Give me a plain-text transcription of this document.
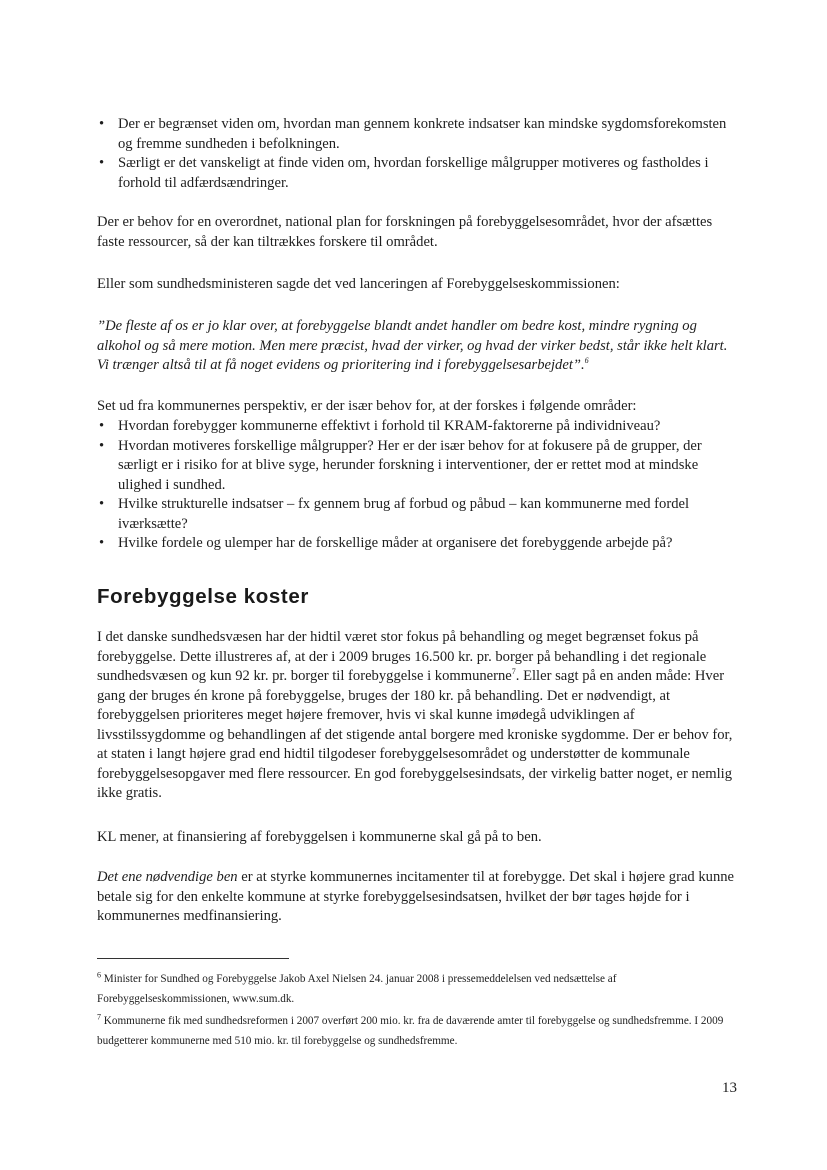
• Der er begrænset viden om, hvordan man gennem konkrete indsatser kan mindske sygdomsforekomsten og fremme sundheden i befolkningen.
• Særligt er det vanskeligt at finde viden om, hvordan forskellige målgrupper motiveres og fastholdes i forhold til adfærdsændringer.

Der er behov for en overordnet, national plan for forskningen på forebyggelsesområdet, hvor der afsættes faste ressourcer, så der kan tiltrækkes forskere til området.

Eller som sundhedsministeren sagde det ved lanceringen af Forebyggelseskommissionen:

”De fleste af os er jo klar over, at forebyggelse blandt andet handler om bedre kost, mindre rygning og alkohol og så mere motion. Men mere præcist, hvad der virker, og hvad der virker bedst, står ikke helt klart. Vi trænger altså til at få noget evidens og prioritering ind i forebyggelsesarbejdet”.$^6$

Set ud fra kommunernes perspektiv, er der især behov for, at der forskes i følgende områder:

• Hvordan forebygger kommunerne effektivt i forhold til KRAM-faktorerne på individniveau?
• Hvordan motiveres forskellige målgrupper? Her er der især behov for at fokusere på de grupper, der særligt er i risiko for at blive syge, herunder forskning i interventioner, der er rettet mod at mindske ulighed i sundhed.
• Hvilke strukturelle indsatser – fx gennem brug af forbud og påbud – kan kommunerne med fordel iværksætte?
• Hvilke fordele og ulemper har de forskellige måder at organisere det forebyggende arbejde på?
Forebyggelse koster

I det danske sundhedsvæsen har der hidtil været stor fokus på behandling og meget begrænset fokus på forebyggelse. Dette illustreres af, at der i 2009 bruges 16.500 kr. pr. borger på behandling i det regionale sundhedsvæsen og kun 92 kr. pr. borger til forebyggelse i kommunerne$^7$. Eller sagt på en anden måde: Hver gang der bruges én krone på forebyggelse, bruges der 180 kr. på behandling. Det er nødvendigt, at forebyggelsen prioriteres meget højere fremover, hvis vi skal kunne imødegå udviklingen af livsstilssygdomme og behandlingen af det stigende antal borgere med kroniske sygdomme. Der er behov for, at staten i langt højere grad end hidtil tilgodeser forebyggelsesområdet og understøtter de kommunale forebyggelsesopgaver med flere ressourcer. En god forebyggelsesindsats, der virkelig batter noget, er nemlig ikke gratis.

KL mener, at finansiering af forebyggelsen i kommunerne skal gå på to ben.

Det ene nødvendige ben er at styrke kommunernes incitamenter til at forebygge. Det skal i højere grad kunne betale sig for den enkelte kommune at styrke forebyggelsesindsatsen, hvilket der bør tages højde for i kommunernes medfinansiering.

$^6$ Minister for Sundhed og Forebyggelse Jakob Axel Nielsen 24. januar 2008 i pressemeddelelsen ved nedsættelse af Forebyggelseskommissionen, www.sum.dk.

$^7$ Kommunerne fik med sundhedsreformen i 2007 overført 200 mio. kr. fra de daværende amter til forebyggelse og sundhedsfremme. I 2009 budgetterer kommunerne med 510 mio. kr. til forebyggelse og sundhedsfremme.

13
